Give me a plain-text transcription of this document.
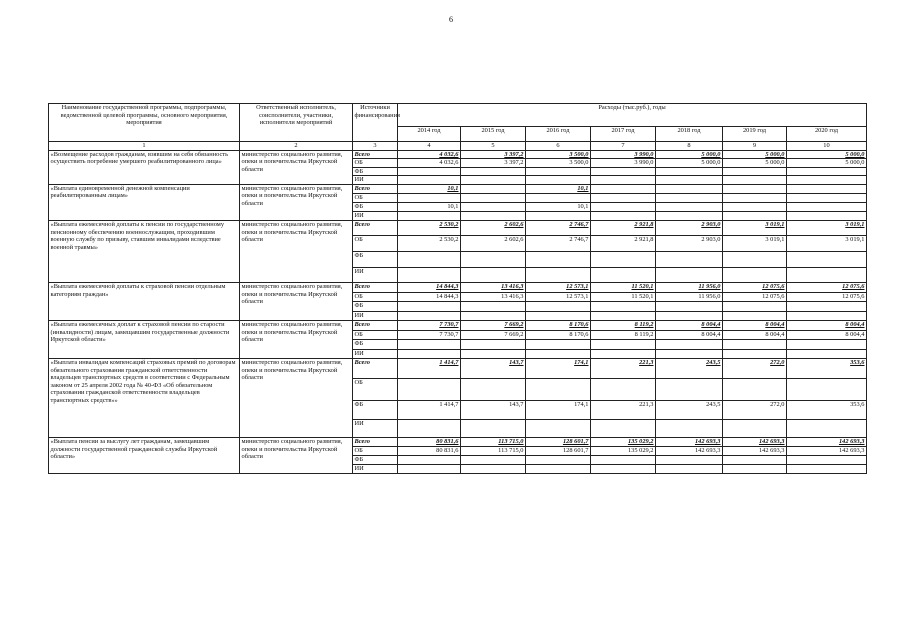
6
Наименование государственной программы, подпрограммы, ведомственной целевой программы, основного мероприятия, мероприятия	Ответственный исполнитель, соисполнители, участники, исполнители мероприятий	Источники финансирования	Расходы (тыс.руб.), годы						
			2014 год	2015 год	2016 год	2017 год	2018 год	2019 год	2020 год
1	2	3	4	5	6	7	8	9	10
«Возмещение расходов гражданам, взявшим на себя обязанность осуществить погребение умершего реабилитированного лица»	министерство социального развития, опеки и попечительства Иркутской области	Всего	4 032,6	3 397,2	3 500,0	3 990,0	5 000,0	5 000,0	5 000,0
		ОБ	4 032,6	3 397,2	3 500,0	3 990,0	5 000,0	5 000,0	5 000,0
		ФБ							
		ИИ							
«Выплата единовременной денежной компенсации реабилитированным лицам»	министерство социального развития, опеки и попечительства Иркутской области	Всего	10,1		10,1				
		ОБ							
		ФБ	10,1		10,1				
		ИИ							
«Выплата ежемесячной доплаты к пенсии по государственному пенсионному обеспечению военнослужащим, проходившим военную службу по призыву, ставшим инвалидами вследствие военной травмы»	министерство социального развития, опеки и попечительства Иркутской области	Всего	2 530,2	2 602,6	2 746,7	2 921,8	2 903,0	3 019,1	3 019,1
		ОБ	2 530,2	2 602,6	2 746,7	2 921,8	2 903,0	3 019,1	3 019,1
		ФБ							
		ИИ							
«Выплата ежемесячной доплаты к страховой пенсии отдельным категориям граждан»	министерство социального развития, опеки и попечительства Иркутской области	Всего	14 844,3	13 416,3	12 573,1	11 520,1	11 956,0	12 075,6	12 075,6
		ОБ	14 844,3	13 416,3	12 573,1	11 520,1	11 956,0	12 075,6	12 075,6
		ФБ							
		ИИ							
«Выплата ежемесячных доплат к страховой пенсии по старости (инвалидности) лицам, замещавшим государственные должности Иркутской области»	министерство социального развития, опеки и попечительства Иркутской области	Всего	7 730,7	7 669,2	8 170,6	8 119,2	8 004,4	8 004,4	8 004,4
		ОБ	7 730,7	7 669,2	8 170,6	8 119,2	8 004,4	8 004,4	8 004,4
		ФБ							
		ИИ							
«Выплата инвалидам компенсаций страховых премий по договорам обязательного страхования гражданской ответственности владельцев транспортных средств в соответствии с Федеральным законом от 25 апреля 2002 года № 40-ФЗ «Об обязательном страховании гражданской ответственности владельцев транспортных средств»»	министерство социального развития, опеки и попечительства Иркутской области	Всего	1 414,7	143,7	174,1	221,3	243,5	272,0	353,6
		ОБ							
		ФБ	1 414,7	143,7	174,1	221,3	243,5	272,0	353,6
		ИИ							
«Выплата пенсии за выслугу лет гражданам, замещавшим должности государственной гражданской службы Иркутской области»	министерство социального развития, опеки и попечительства Иркутской области	Всего	80 831,6	113 715,0	128 601,7	135 029,2	142 693,3	142 693,3	142 693,3
		ОБ	80 831,6	113 715,0	128 601,7	135 029,2	142 693,3	142 693,3	142 693,3
		ФБ							
		ИИ							
